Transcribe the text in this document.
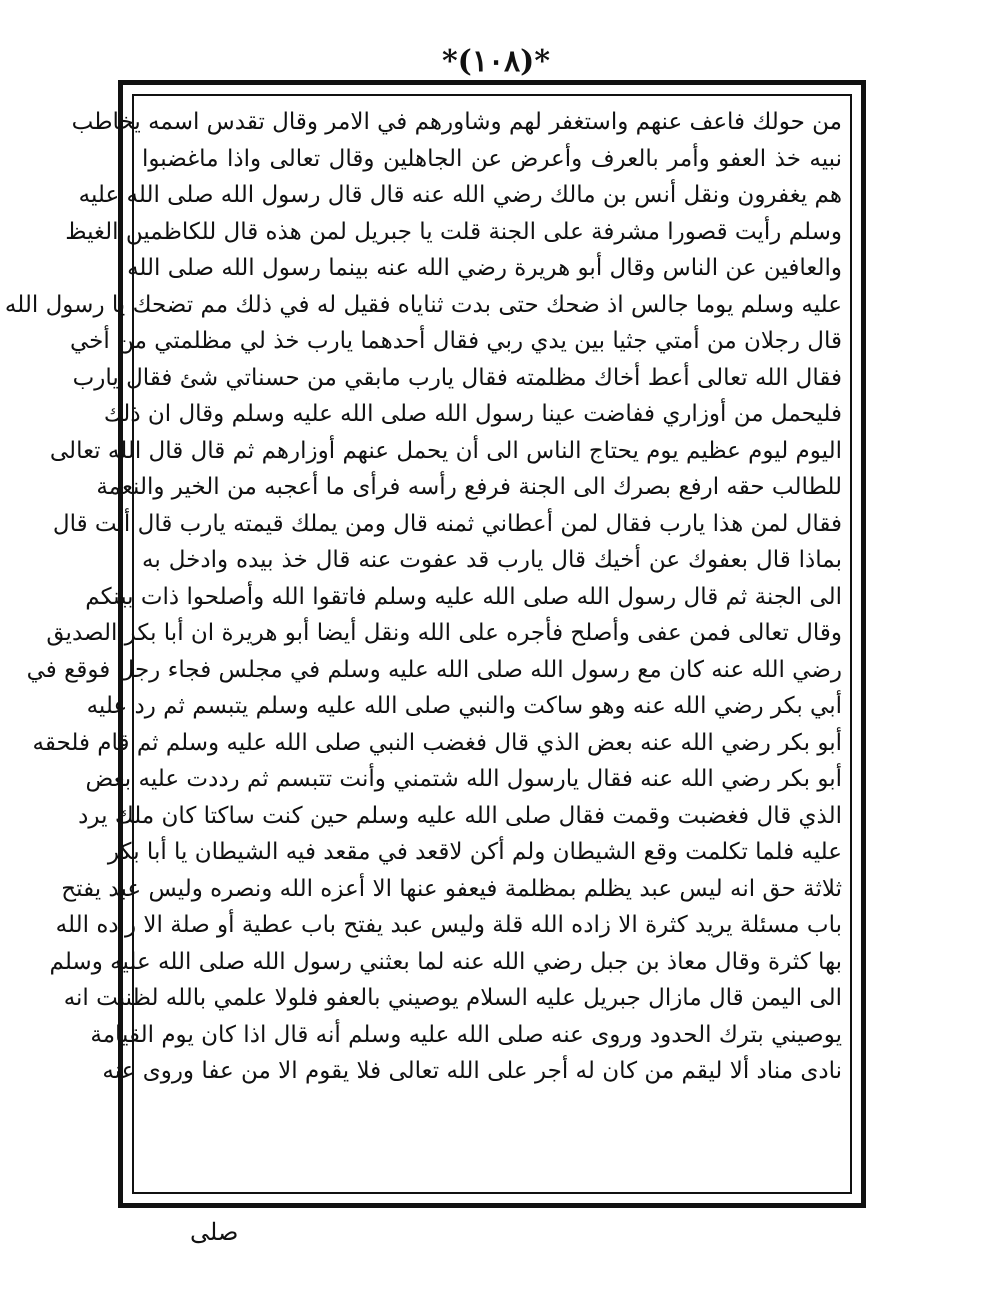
*(١٠٨)*
من حولك فاعف عنهم واستغفر لهم وشاورهم في الامر وقال تقدس اسمه يخاطب
نبيه خذ العفو وأمر بالعرف وأعرض عن الجاهلين وقال تعالى واذا ماغضبوا
هم يغفرون ونقل أنس بن مالك رضي الله عنه قال قال رسول الله صلى الله عليه
وسلم رأيت قصورا مشرفة على الجنة قلت يا جبريل لمن هذه قال للكاظمين الغيظ
والعافين عن الناس وقال أبو هريرة رضي الله عنه بينما رسول الله صلى الله
عليه وسلم يوما جالس اذ ضحك حتى بدت ثناياه فقيل له في ذلك مم تضحك يا رسول الله
قال رجلان من أمتي جثيا بين يدي ربي فقال أحدهما يارب خذ لي مظلمتي من أخي
فقال الله تعالى أعط أخاك مظلمته فقال يارب مابقي من حسناتي شئ فقال يارب
فليحمل من أوزاري ففاضت عينا رسول الله صلى الله عليه وسلم وقال ان ذلك
اليوم ليوم عظيم يوم يحتاج الناس الى أن يحمل عنهم أوزارهم ثم قال قال الله تعالى
للطالب حقه ارفع بصرك الى الجنة فرفع رأسه فرأى ما أعجبه من الخير والنعمة
فقال لمن هذا يارب فقال لمن أعطاني ثمنه قال ومن يملك قيمته يارب قال أنت قال
بماذا قال بعفوك عن أخيك قال يارب قد عفوت عنه قال خذ بيده وادخل به
الى الجنة ثم قال رسول الله صلى الله عليه وسلم فاتقوا الله وأصلحوا ذات بينكم
وقال تعالى فمن عفى وأصلح فأجره على الله ونقل أيضا أبو هريرة ان أبا بكر الصديق
رضي الله عنه كان مع رسول الله صلى الله عليه وسلم في مجلس فجاء رجل فوقع في
أبي بكر رضي الله عنه وهو ساكت والنبي صلى الله عليه وسلم يتبسم ثم رد عليه
أبو بكر رضي الله عنه بعض الذي قال فغضب النبي صلى الله عليه وسلم ثم قام فلحقه
أبو بكر رضي الله عنه فقال يارسول الله شتمني وأنت تتبسم ثم رددت عليه بعض
الذي قال فغضبت وقمت فقال صلى الله عليه وسلم حين كنت ساكتا كان ملك يرد
عليه فلما تكلمت وقع الشيطان ولم أكن لاقعد في مقعد فيه الشيطان يا أبا بكر
ثلاثة حق انه ليس عبد يظلم بمظلمة فيعفو عنها الا أعزه الله ونصره وليس عبد يفتح
باب مسئلة يريد كثرة الا زاده الله قلة وليس عبد يفتح باب عطية أو صلة الا زاده الله
بها كثرة وقال معاذ بن جبل رضي الله عنه لما بعثني رسول الله صلى الله عليه وسلم
الى اليمن قال مازال جبريل عليه السلام يوصيني بالعفو فلولا علمي بالله لظننت انه
يوصيني بترك الحدود وروى عنه صلى الله عليه وسلم أنه قال اذا كان يوم القيامة
نادى مناد ألا ليقم من كان له أجر على الله تعالى فلا يقوم الا من عفا وروى عنه
صلى
